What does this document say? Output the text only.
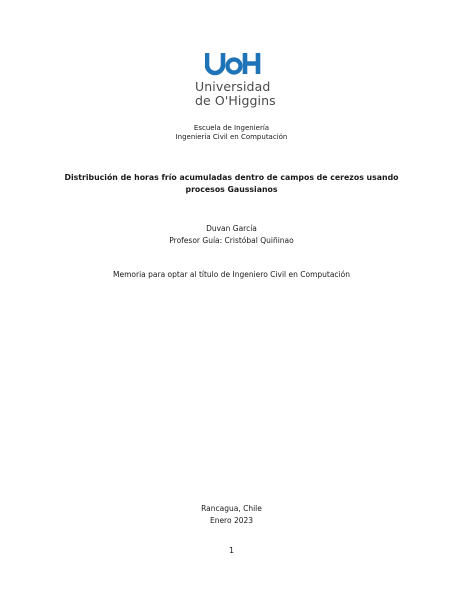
Universidad
de O'Higgins
Escuela de Ingeniería
Ingeniería Civil en Computación
Distribución de horas frío acumuladas dentro de campos de cerezos usando
procesos Gaussianos
Duvan García
Profesor Guía: Cristóbal Quiñinao
Memoria para optar al título de Ingeniero Civil en Computación
Rancagua, Chile
Enero 2023
1
